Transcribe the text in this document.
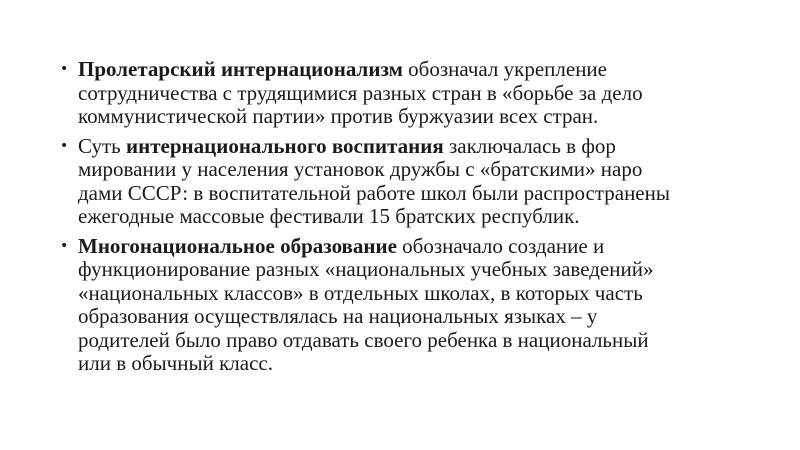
• Пролетарский интернационализм обозначал укрепление
сотрудничества с трудящимися разных стран в «борьбе за дело
коммунистической партии» против буржуазии всех стран.
• Суть интернационального воспитания заключалась в фор
мировании у населения установок дружбы с «братскими» наро
дами СССР: в воспитательной работе школ были распространены
ежегодные массовые фестивали 15 братских республик.
• Многонациональное образование обозначало создание и
функционирование разных «национальных учебных заведений»
«национальных классов» в отдельных школах, в которых часть
образования осуществлялась на национальных языках – у
родителей было право отдавать своего ребенка в национальный
или в обычный класс.
